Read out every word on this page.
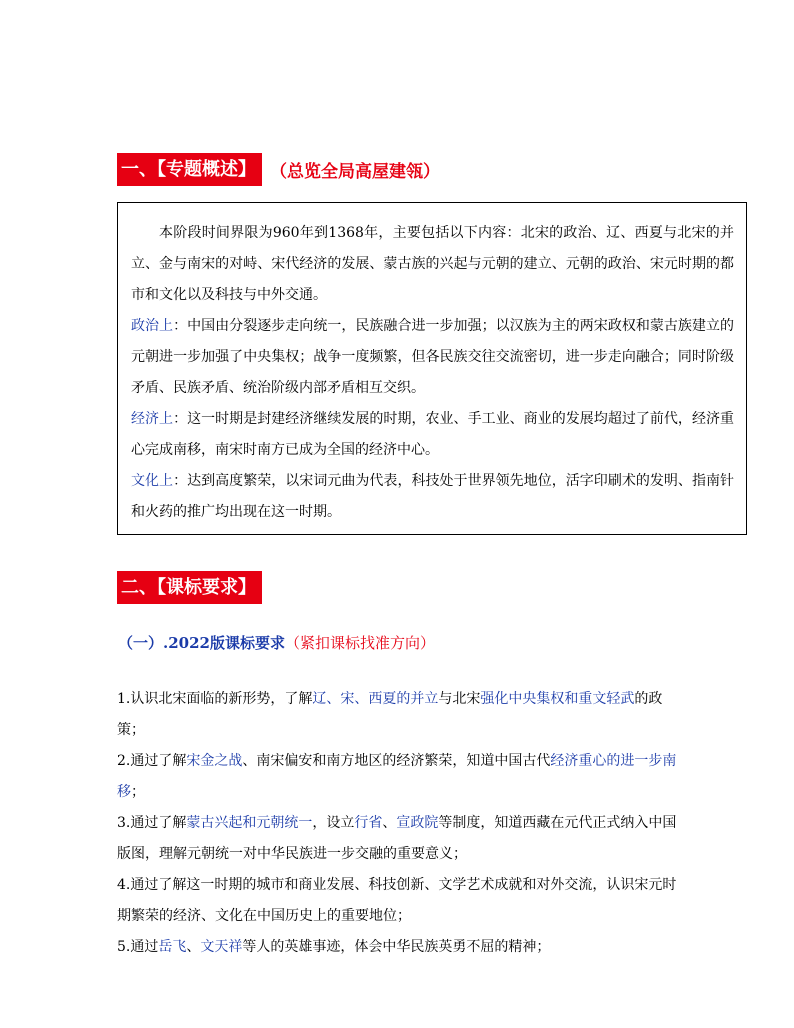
一、【专题概述】 （总览全局高屋建瓴）

本阶段时间界限为960年到1368年，主要包括以下内容：北宋的政治、辽、西夏与北宋的并立、金与南宋的对峙、宋代经济的发展、蒙古族的兴起与元朝的建立、元朝的政治、宋元时期的都市和文化以及科技与中外交通。

政治上：中国由分裂逐步走向统一，民族融合进一步加强；以汉族为主的两宋政权和蒙古族建立的元朝进一步加强了中央集权；战争一度频繁，但各民族交往交流密切，进一步走向融合；同时阶级矛盾、民族矛盾、统治阶级内部矛盾相互交织。

经济上：这一时期是封建经济继续发展的时期，农业、手工业、商业的发展均超过了前代，经济重心完成南移，南宋时南方已成为全国的经济中心。

文化上：达到高度繁荣，以宋词元曲为代表，科技处于世界领先地位，活字印刷术的发明、指南针和火药的推广均出现在这一时期。

二、【课标要求】
（一）.2022版课标要求（紧扣课标找准方向）

1.认识北宋面临的新形势，了解辽、宋、西夏的并立与北宋强化中央集权和重文轻武的政策；

2.通过了解宋金之战、南宋偏安和南方地区的经济繁荣，知道中国古代经济重心的进一步南移；

3.通过了解蒙古兴起和元朝统一，设立行省、宣政院等制度，知道西藏在元代正式纳入中国版图，理解元朝统一对中华民族进一步交融的重要意义；

4.通过了解这一时期的城市和商业发展、科技创新、文学艺术成就和对外交流，认识宋元时期繁荣的经济、文化在中国历史上的重要地位；

5.通过岳飞、文天祥等人的英雄事迹，体会中华民族英勇不屈的精神；
